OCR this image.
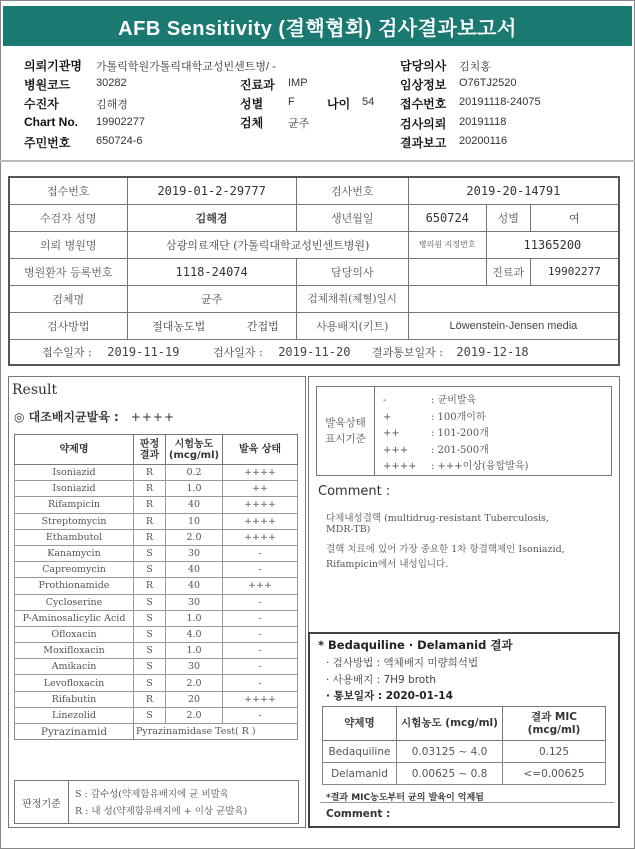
AFB Sensitivity (결핵협회) 검사결과보고서
의뢰기관명 가톨릭학원가톨릭대학교성빈센트병/ -
병원코드 30282	진료과 IMP
수진자	김해경	성별 F	나이 54
Chart No. 19902277	검체 균주
주민번호 650724-6
담당의사 김치홍
임상정보 O76TJ2520
접수번호 20191118-24075
검사의뢰 20191118
결과보고 20200116
접수번호	2019-01-2-29777		검사번호	2019-20-14791		
수검자 성명	김해경		생년월일	650724	성별	여
의뢰 병원명	삼광의료재단 (가톨릭대학교성빈센트병원)			병의원 지정번호	11365200	
병원환자 등록번호	1118-24074		담당의사		진료과	19902277
검체명	균주		검체채취(체혈)일시			
검사방법	절대농도법	간접법	사용배지(키트)	Löwenstein-Jensen media		
접수일자 : 2019-11-19 검사일자 : 2019-11-20 결과통보일자 : 2019-12-18						
Result
◎ 대조배지균발육 : ++++
약제명	판정 결과	시험농도 (mcg/ml)	발육 상태
Isoniazid	R	0.2	++++
Isoniazid	R	1.0	++
Rifampicin	R	40	++++
Streptomycin	R	10	++++
Ethambutol	R	2.0	++++
Kanamycin	S	30	-
Capreomycin	S	40	-
Prothionamide	R	40	+++
Cycloserine	S	30	-
P-Aminosalicylic Acid	S	1.0	-
Ofloxacin	S	4.0	-
Moxifloxacin	S	1.0	-
Amikacin	S	30	-
Levofloxacin	S	2.0	-
Rifabutin	R	20	++++
Linezolid	S	2.0	-
Pyrazinamid	Pyrazinamidase Test( R )		
판정기준
S : 감수성(약제함유배지에 균 비발육
R : 내 성(약제함유배지에 + 이상 균발육)
발육상태
표시기준
-	: 균비발육
+	: 100개이하
++	: 101-200개
+++ : 201-500개
++++ : +++이상(융합발육)
Comment :
다제내성결핵 (multidrug-resistant Tuberculosis,
MDR-TB)
결핵 치료에 있어 가장 중요한 1차 항결핵제인 Isoniazid,
Rifampicin에서 내성입니다.
* Bedaquiline · Delamanid 결과
· 검사방법 : 액체배지 미량희석법
· 사용배지 : 7H9 broth
· 통보일자 : 2020-01-14
약제명	시험농도 (mcg/ml)	결과 MIC (mcg/ml)
Bedaquiline	0.03125 ~ 4.0	0.125
Delamanid	0.00625 ~ 0.8	<=0.00625
*결과 MIC농도부터 균의 발육이 억제됨
Comment :
